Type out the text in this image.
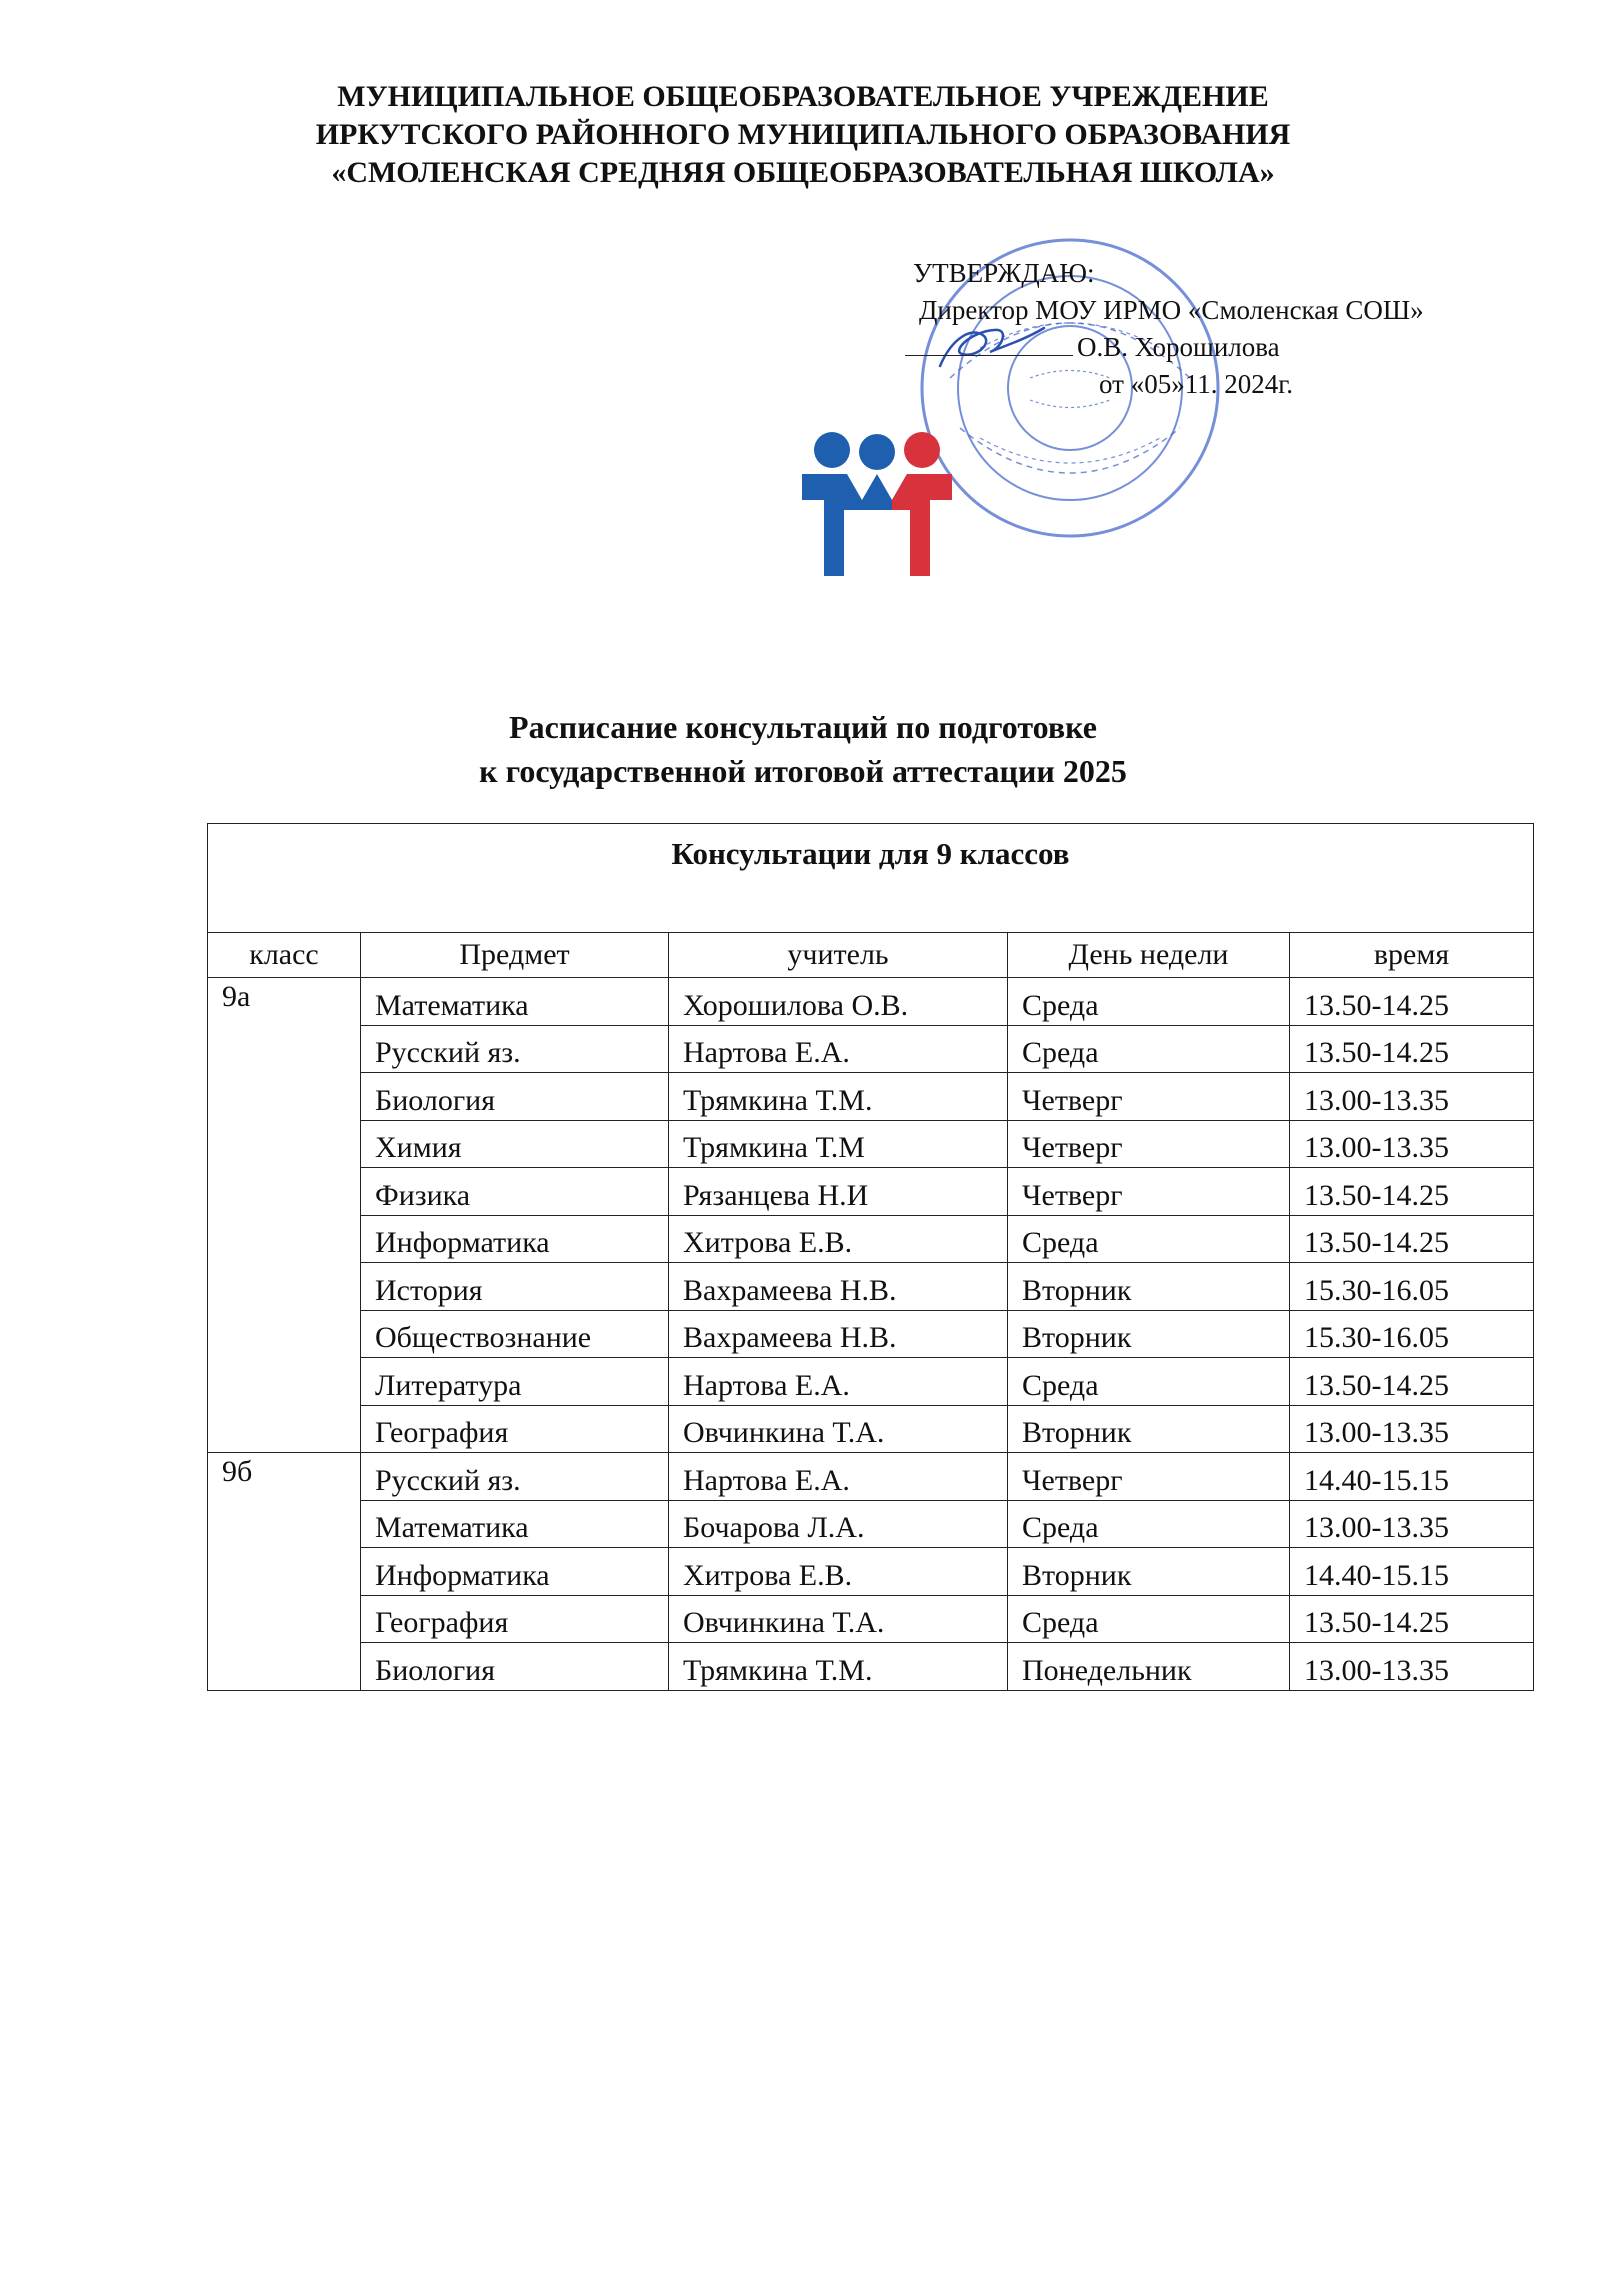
МУНИЦИПАЛЬНОЕ ОБЩЕОБРАЗОВАТЕЛЬНОЕ УЧРЕЖДЕНИЕ
ИРКУТСКОГО РАЙОННОГО МУНИЦИПАЛЬНОГО ОБРАЗОВАНИЯ
«СМОЛЕНСКАЯ СРЕДНЯЯ ОБЩЕОБРАЗОВАТЕЛЬНАЯ ШКОЛА»
УТВЕРЖДАЮ:
Директор МОУ ИРМО «Смоленская СОШ»
О.В. Хорошилова
от «05»11. 2024г.
Расписание консультаций по подготовке
к государственной итоговой аттестации 2025
Консультации для 9 классов				
класс	Предмет	учитель	День недели	время
9а	Математика	Хорошилова О.В.	Среда	13.50-14.25
	Русский яз.	Нартова Е.А.	Среда	13.50-14.25
	Биология	Трямкина Т.М.	Четверг	13.00-13.35
	Химия	Трямкина Т.М	Четверг	13.00-13.35
	Физика	Рязанцева Н.И	Четверг	13.50-14.25
	Информатика	Хитрова Е.В.	Среда	13.50-14.25
	История	Вахрамеева Н.В.	Вторник	15.30-16.05
	Обществознание	Вахрамеева Н.В.	Вторник	15.30-16.05
	Литература	Нартова Е.А.	Среда	13.50-14.25
	География	Овчинкина Т.А.	Вторник	13.00-13.35
9б	Русский яз.	Нартова Е.А.	Четверг	14.40-15.15
	Математика	Бочарова Л.А.	Среда	13.00-13.35
	Информатика	Хитрова Е.В.	Вторник	14.40-15.15
	География	Овчинкина Т.А.	Среда	13.50-14.25
	Биология	Трямкина Т.М.	Понедельник	13.00-13.35
